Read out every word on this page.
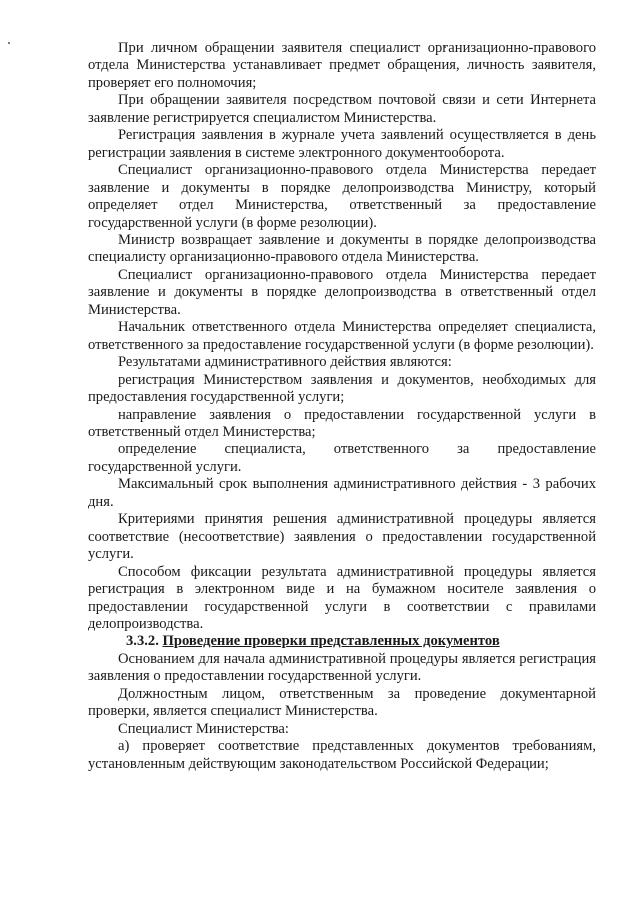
При личном обращении заявителя специалист организационно-правового отдела Министерства устанавливает предмет обращения, личность заявителя, проверяет его полномочия;

При обращении заявителя посредством почтовой связи и сети Интернета заявление регистрируется специалистом Министерства.

Регистрация заявления в журнале учета заявлений осуществляется в день регистрации заявления в системе электронного документооборота.

Специалист организационно-правового отдела Министерства передает заявление и документы в порядке делопроизводства Министру, который определяет отдел Министерства, ответственный за предоставление государственной услуги (в форме резолюции).

Министр возвращает заявление и документы в порядке делопроизводства специалисту организационно-правового отдела Министерства.

Специалист организационно-правового отдела Министерства передает заявление и документы в порядке делопроизводства в ответственный отдел Министерства.

Начальник ответственного отдела Министерства определяет специалиста, ответственного за предоставление государственной услуги (в форме резолюции).

Результатами административного действия являются:

регистрация Министерством заявления и документов, необходимых для предоставления государственной услуги;

направление заявления о предоставлении государственной услуги в ответственный отдел Министерства;

определение специалиста, ответственного за предоставление государственной услуги.

Максимальный срок выполнения административного действия - 3 рабочих дня.

Критериями принятия решения административной процедуры является соответствие (несоответствие) заявления о предоставлении государственной услуги.

Способом фиксации результата административной процедуры является регистрация в электронном виде и на бумажном носителе заявления о предоставлении государственной услуги в соответствии с правилами делопроизводства.

3.3.2. Проведение проверки представленных документов

Основанием для начала административной процедуры является регистрация заявления о предоставлении государственной услуги.

Должностным лицом, ответственным за проведение документарной проверки, является специалист Министерства.

Специалист Министерства:

а) проверяет соответствие представленных документов требованиям, установленным действующим законодательством Российской Федерации;
